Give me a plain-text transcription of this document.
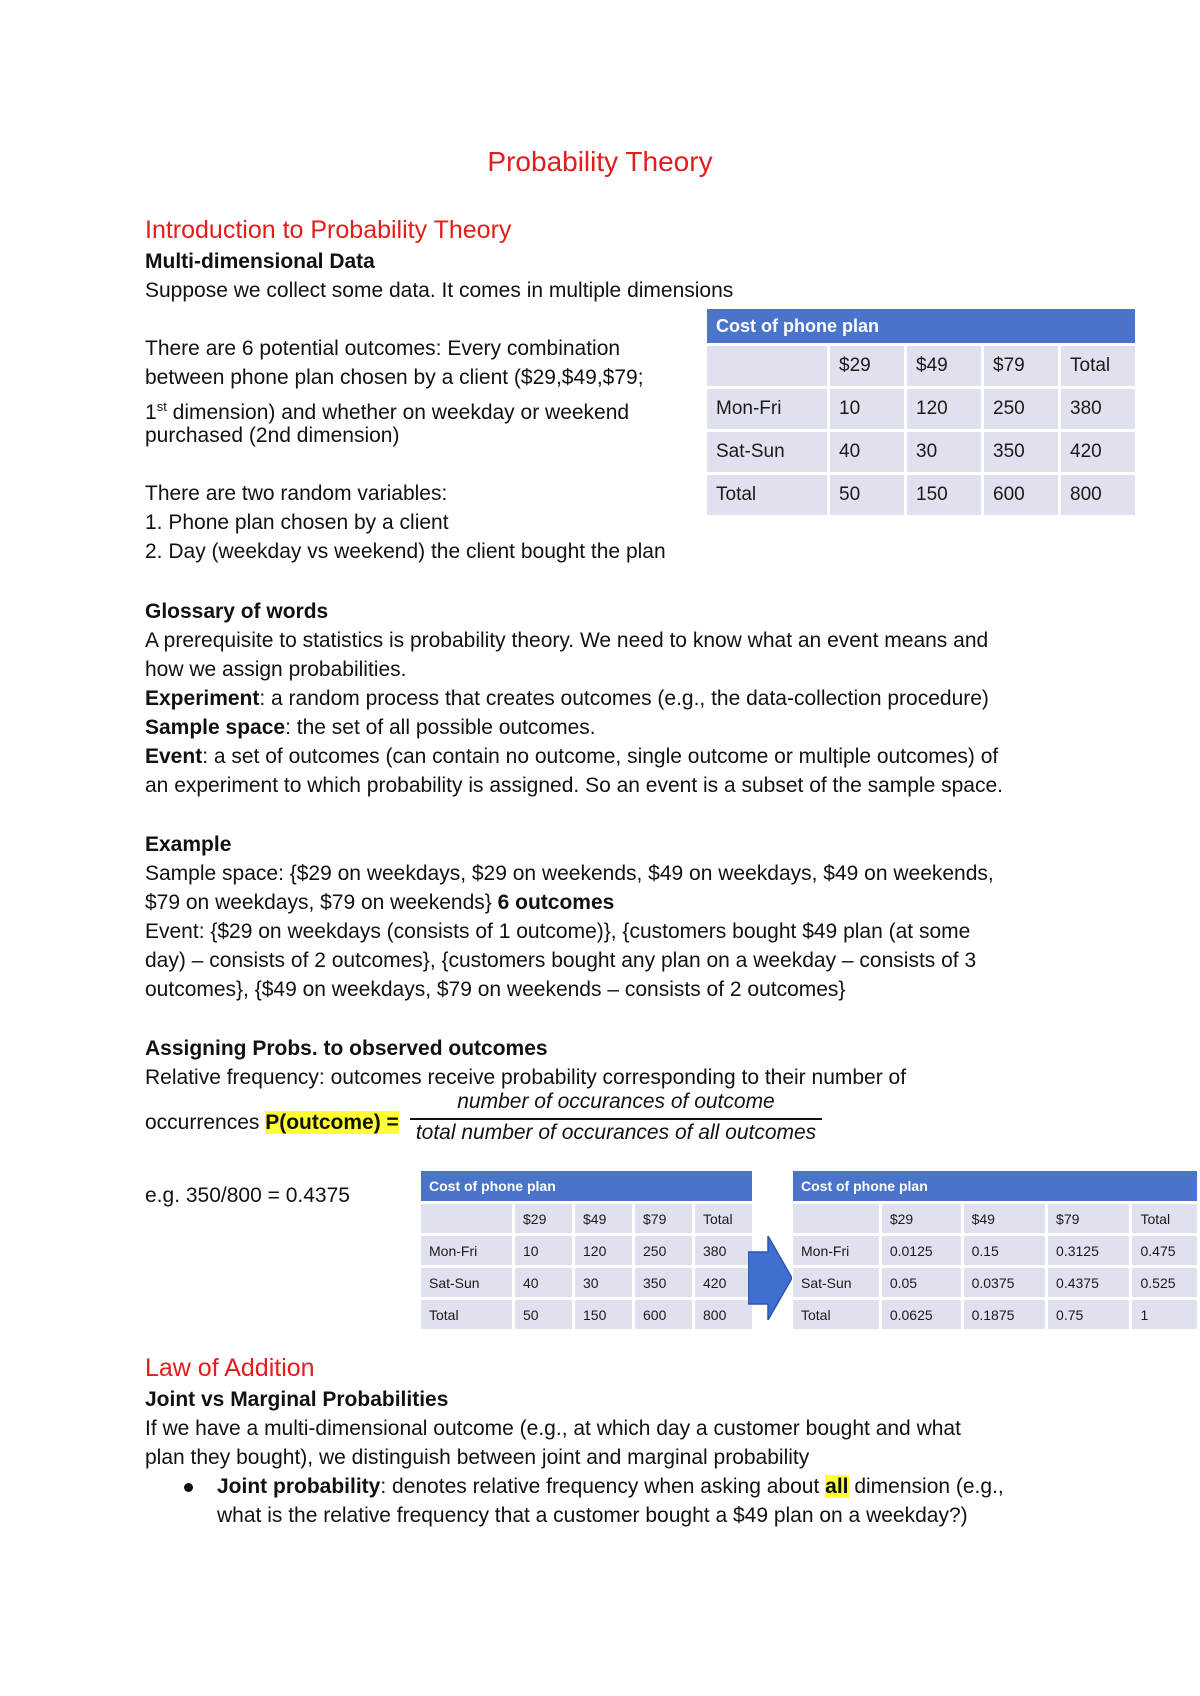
Probability Theory
Introduction to Probability Theory
Multi-dimensional Data
Suppose we collect some data. It comes in multiple dimensions
There are 6 potential outcomes: Every combination
between phone plan chosen by a client ($29,$49,$79;
1st dimension) and whether on weekday or weekend
purchased (2nd dimension)
There are two random variables:
1. Phone plan chosen by a client
2. Day (weekday vs weekend) the client bought the plan
Cost of phone plan				
	$29	$49	$79	Total
Mon-Fri	10	120	250	380
Sat-Sun	40	30	350	420
Total	50	150	600	800
Glossary of words
A prerequisite to statistics is probability theory. We need to know what an event means and
how we assign probabilities.
Experiment: a random process that creates outcomes (e.g., the data-collection procedure)
Sample space: the set of all possible outcomes.
Event: a set of outcomes (can contain no outcome, single outcome or multiple outcomes) of
an experiment to which probability is assigned. So an event is a subset of the sample space.
Example
Sample space: {$29 on weekdays, $29 on weekends, $49 on weekdays, $49 on weekends,
$79 on weekdays, $79 on weekends} 6 outcomes
Event: {$29 on weekdays (consists of 1 outcome)}, {customers bought $49 plan (at some
day) – consists of 2 outcomes}, {customers bought any plan on a weekday – consists of 3
outcomes}, {$49 on weekdays, $79 on weekends – consists of 2 outcomes}
Assigning Probs. to observed outcomes
Relative frequency: outcomes receive probability corresponding to their number of
occurrences P(outcome) =
number of occurances of outcome
total number of occurances of all outcomes
e.g. 350/800 = 0.4375	Cost of phone plan				
	$29	$49	$79	Total
Mon-Fri	10	120	250	380
Sat-Sun	40	30	350	420
Total	50	150	600	800
Cost of phone plan				
	$29	$49	$79	Total
Mon-Fri	0.0125	0.15	0.3125	0.475
Sat-Sun	0.05	0.0375	0.4375	0.525
Total	0.0625	0.1875	0.75	1
Law of Addition
Joint vs Marginal Probabilities
If we have a multi-dimensional outcome (e.g., at which day a customer bought and what
plan they bought), we distinguish between joint and marginal probability
Joint probability: denotes relative frequency when asking about all dimension (e.g.,
what is the relative frequency that a customer bought a $49 plan on a weekday?)
